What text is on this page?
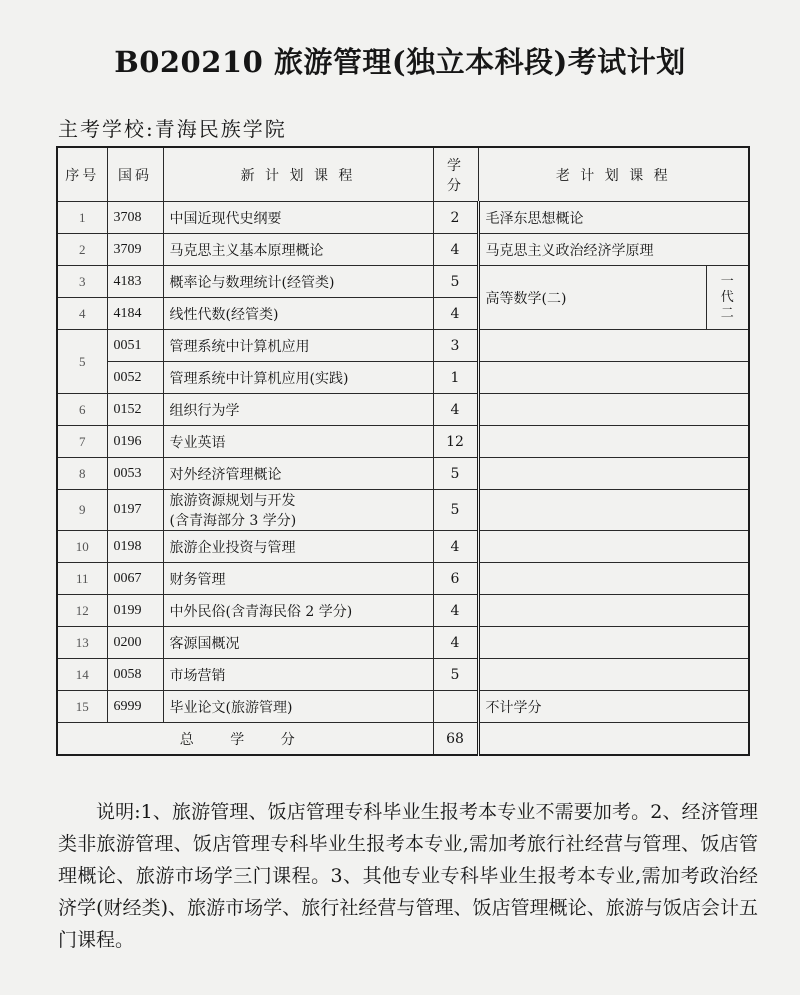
B020210 旅游管理(独立本科段)考试计划
主考学校:青海民族学院
序号	国码	新 计 划 课 程	学分	老 计 划 课 程	
1	3708	中国近现代史纲要	2	毛泽东思想概论	
2	3709	马克思主义基本原理概论	4	马克思主义政治经济学原理	
3	4183	概率论与数理统计(经管类)	5	高等数学(二)	一代二
4	4184	线性代数(经管类)	4		
5	0051	管理系统中计算机应用	3		
	0052	管理系统中计算机应用(实践)	1		
6	0152	组织行为学	4		
7	0196	专业英语	12		
8	0053	对外经济管理概论	5		
9	0197	旅游资源规划与开发
(含青海部分 3 学分)	5		
10	0198	旅游企业投资与管理	4		
11	0067	财务管理	6		
12	0199	中外民俗(含青海民俗 2 学分)	4		
13	0200	客源国概况	4		
14	0058	市场营销	5		
15	6999	毕业论文(旅游管理)		不计学分	
总 学 分			68		

说明:1、旅游管理、饭店管理专科毕业生报考本专业不需要加考。2、经济管理类非旅游管理、饭店管理专科毕业生报考本专业,需加考旅行社经营与管理、饭店管理概论、旅游市场学三门课程。3、其他专业专科毕业生报考本专业,需加考政治经济学(财经类)、旅游市场学、旅行社经营与管理、饭店管理概论、旅游与饭店会计五门课程。
